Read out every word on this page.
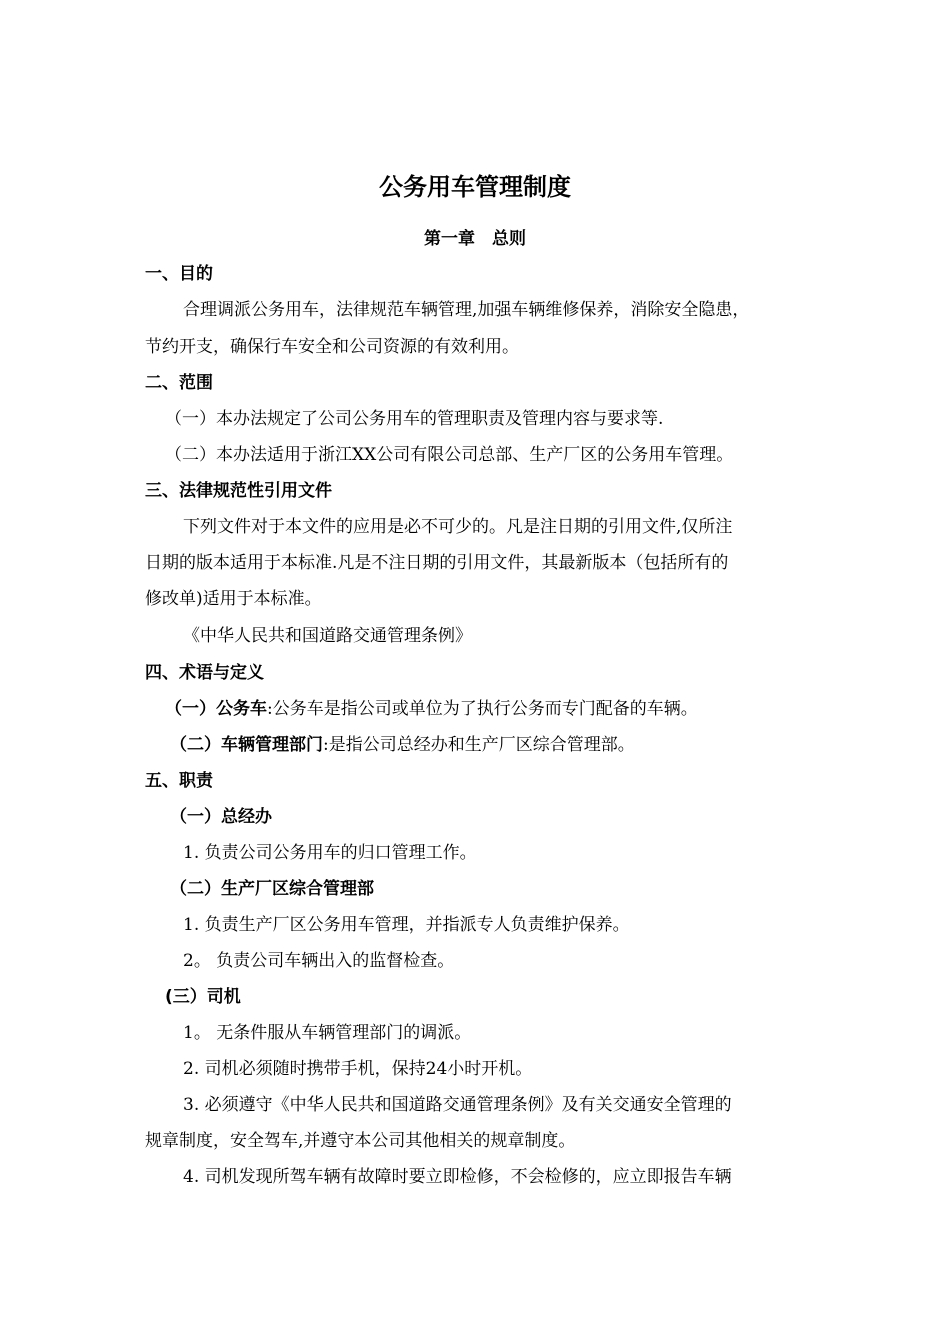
公务用车管理制度
第一章　总则
一、目的
合理调派公务用车，法律规范车辆管理,加强车辆维修保养，消除安全隐患，
节约开支，确保行车安全和公司资源的有效利用。
二、范围
（一）本办法规定了公司公务用车的管理职责及管理内容与要求等.
（二）本办法适用于浙江XX公司有限公司总部、生产厂区的公务用车管理。
三、法律规范性引用文件
下列文件对于本文件的应用是必不可少的。凡是注日期的引用文件,仅所注
日期的版本适用于本标准.凡是不注日期的引用文件，其最新版本（包括所有的
修改单)适用于本标准。
《中华人民共和国道路交通管理条例》
四、术语与定义
（一）公务车:公务车是指公司或单位为了执行公务而专门配备的车辆。
（二）车辆管理部门:是指公司总经办和生产厂区综合管理部。
五、职责
（一）总经办
1. 负责公司公务用车的归口管理工作。
（二）生产厂区综合管理部
1. 负责生产厂区公务用车管理，并指派专人负责维护保养。
2。 负责公司车辆出入的监督检查。
(三）司机
1。 无条件服从车辆管理部门的调派。
2. 司机必须随时携带手机，保持24小时开机。
3. 必须遵守《中华人民共和国道路交通管理条例》及有关交通安全管理的
规章制度，安全驾车,并遵守本公司其他相关的规章制度。
4. 司机发现所驾车辆有故障时要立即检修，不会检修的，应立即报告车辆
